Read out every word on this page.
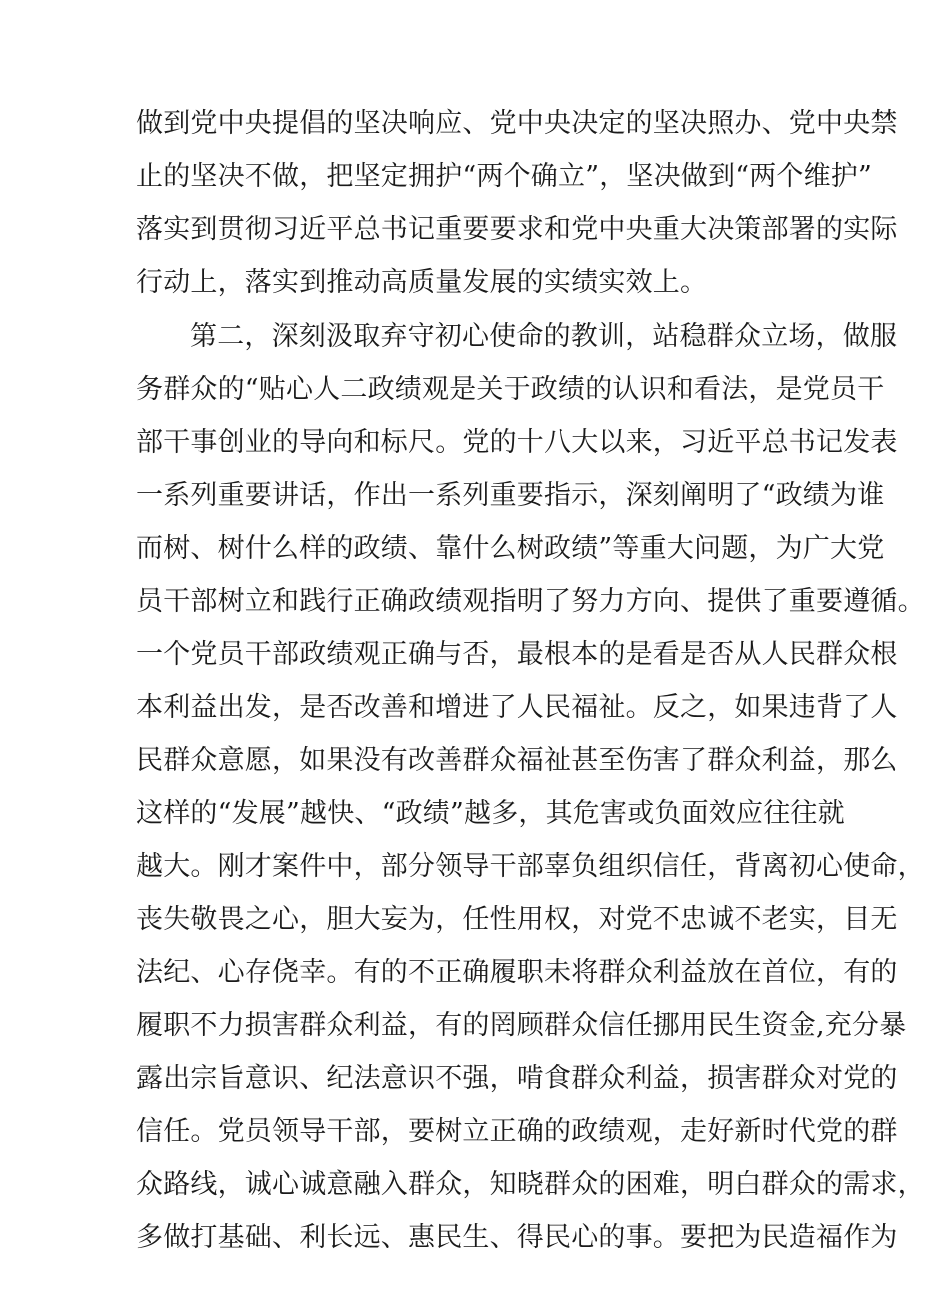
做到党中央提倡的坚决响应、党中央决定的坚决照办、党中央禁
止的坚决不做，把坚定拥护“两个确立”，坚决做到“两个维护”
落实到贯彻习近平总书记重要要求和党中央重大决策部署的实际
行动上，落实到推动高质量发展的实绩实效上。
第二，深刻汲取弃守初心使命的教训，站稳群众立场，做服
务群众的“贴心人二政绩观是关于政绩的认识和看法，是党员干
部干事创业的导向和标尺。党的十八大以来，习近平总书记发表
一系列重要讲话，作出一系列重要指示，深刻阐明了“政绩为谁
而树、树什么样的政绩、靠什么树政绩”等重大问题，为广大党
员干部树立和践行正确政绩观指明了努力方向、提供了重要遵循。
一个党员干部政绩观正确与否，最根本的是看是否从人民群众根
本利益出发，是否改善和增进了人民福祉。反之，如果违背了人
民群众意愿，如果没有改善群众福祉甚至伤害了群众利益，那么
这样的“发展”越快、“政绩”越多，其危害或负面效应往往就
越大。刚才案件中，部分领导干部辜负组织信任，背离初心使命，
丧失敬畏之心，胆大妄为，任性用权，对党不忠诚不老实，目无
法纪、心存侥幸。有的不正确履职未将群众利益放在首位，有的
履职不力损害群众利益，有的罔顾群众信任挪用民生资金,充分暴
露出宗旨意识、纪法意识不强，啃食群众利益，损害群众对党的
信任。党员领导干部，要树立正确的政绩观，走好新时代党的群
众路线，诚心诚意融入群众，知晓群众的困难，明白群众的需求，
多做打基础、利长远、惠民生、得民心的事。要把为民造福作为
